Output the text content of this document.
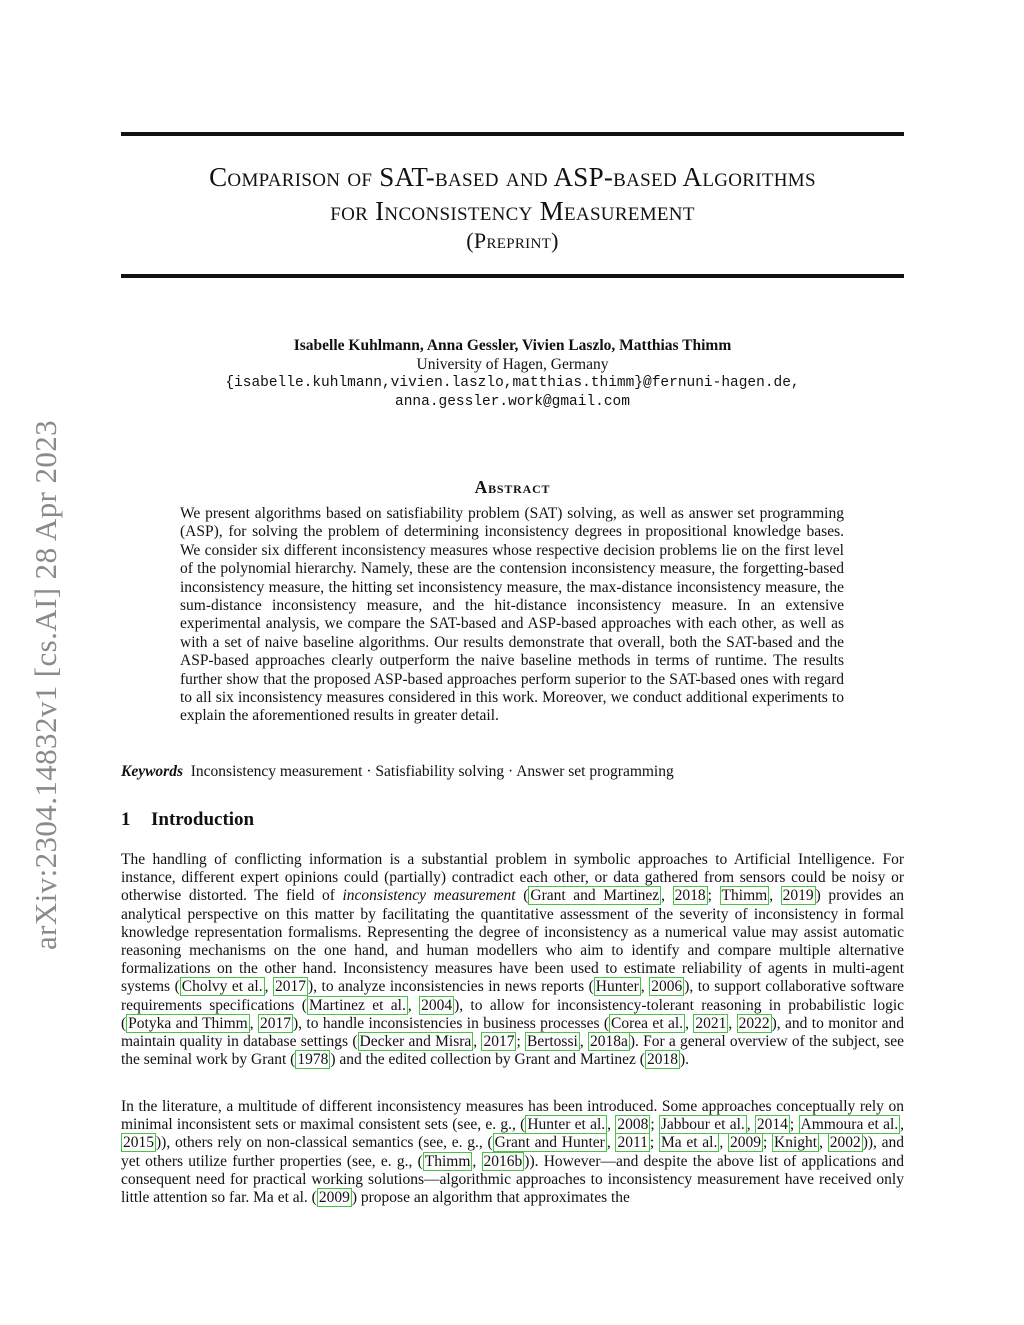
arXiv:2304.14832v1 [cs.AI] 28 Apr 2023
Comparison of SAT-based and ASP-based Algorithms
for Inconsistency Measurement
(Preprint)
Isabelle Kuhlmann, Anna Gessler, Vivien Laszlo, Matthias Thimm
University of Hagen, Germany
{isabelle.kuhlmann,vivien.laszlo,matthias.thimm}@fernuni-hagen.de,
anna.gessler.work@gmail.com
Abstract
We present algorithms based on satisfiability problem (SAT) solving, as well as answer set programming (ASP), for solving the problem of determining inconsistency degrees in propositional knowledge bases. We consider six different inconsistency measures whose respective decision problems lie on the first level of the polynomial hierarchy. Namely, these are the contension inconsistency measure, the forgetting-based inconsistency measure, the hitting set inconsistency measure, the max-distance inconsistency measure, the sum-distance inconsistency measure, and the hit-distance inconsistency measure. In an extensive experimental analysis, we compare the SAT-based and ASP-based approaches with each other, as well as with a set of naive baseline algorithms. Our results demonstrate that overall, both the SAT-based and the ASP-based approaches clearly outperform the naive baseline methods in terms of runtime. The results further show that the proposed ASP-based approaches perform superior to the SAT-based ones with regard to all six inconsistency measures considered in this work. Moreover, we conduct additional experiments to explain the aforementioned results in greater detail.
Keywords Inconsistency measurement · Satisfiability solving · Answer set programming
1 Introduction
The handling of conflicting information is a substantial problem in symbolic approaches to Artificial Intelligence. For instance, different expert opinions could (partially) contradict each other, or data gathered from sensors could be noisy or otherwise distorted. The field of inconsistency measurement ( Grant and Martinez , 2018 ; Thimm , 2019 ) provides an analytical perspective on this matter by facilitating the quantitative assessment of the severity of inconsistency in formal knowledge representation formalisms. Representing the degree of inconsistency as a numerical value may assist automatic reasoning mechanisms on the one hand, and human modellers who aim to identify and compare multiple alternative formalizations on the other hand. Inconsistency measures have been used to estimate reliability of agents in multi-agent systems ( Cholvy et al. , 2017 ), to analyze inconsistencies in news reports ( Hunter , 2006 ), to support collaborative software requirements specifications ( Martinez et al. , 2004 ), to allow for inconsistency-tolerant reasoning in probabilistic logic ( Potyka and Thimm , 2017 ), to handle inconsistencies in business processes ( Corea et al. , 2021 , 2022 ), and to monitor and maintain quality in database settings ( Decker and Misra , 2017 ; Bertossi , 2018a ). For a general overview of the subject, see the seminal work by Grant ( 1978 ) and the edited collection by Grant and Martinez ( 2018 ).
In the literature, a multitude of different inconsistency measures has been introduced. Some approaches conceptually rely on minimal inconsistent sets or maximal consistent sets (see, e. g., ( Hunter et al. , 2008 ; Jabbour et al. , 2014 ; Ammoura et al. , 2015 )), others rely on non-classical semantics (see, e. g., ( Grant and Hunter , 2011 ; Ma et al. , 2009 ; Knight , 2002 )), and yet others utilize further properties (see, e. g., ( Thimm , 2016b )). However—and despite the above list of applications and consequent need for practical working solutions—algorithmic approaches to inconsistency measurement have received only little attention so far. Ma et al. ( 2009 ) propose an algorithm that approximates the
